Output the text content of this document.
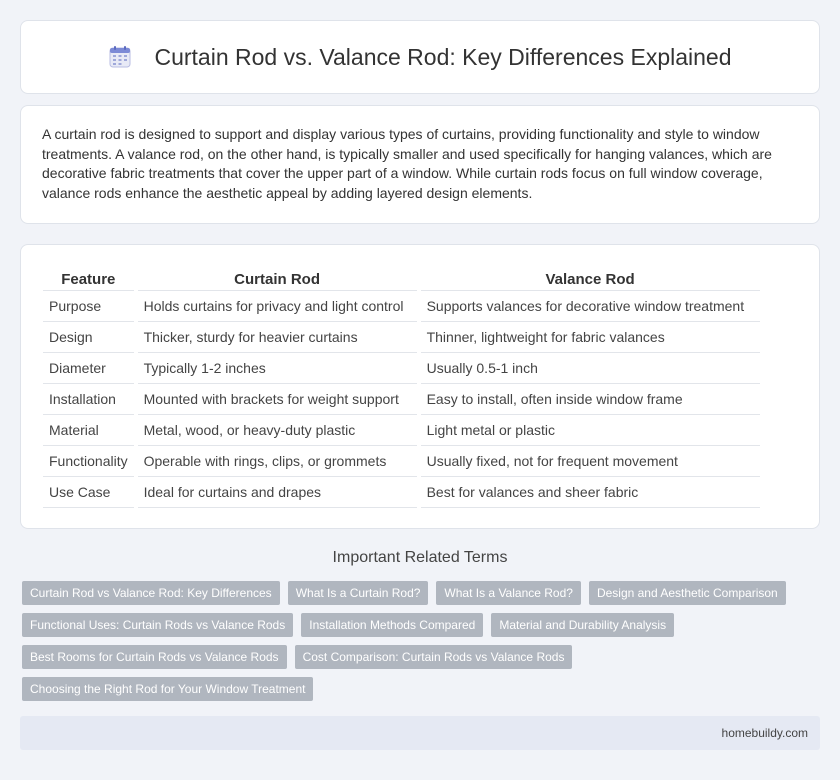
Curtain Rod vs. Valance Rod: Key Differences Explained

A curtain rod is designed to support and display various types of curtains, providing functionality and style to window treatments. A valance rod, on the other hand, is typically smaller and used specifically for hanging valances, which are decorative fabric treatments that cover the upper part of a window. While curtain rods focus on full window coverage, valance rods enhance the aesthetic appeal by adding layered design elements.

Feature	Curtain Rod	Valance Rod
Purpose	Holds curtains for privacy and light control	Supports valances for decorative window treatment
Design	Thicker, sturdy for heavier curtains	Thinner, lightweight for fabric valances
Diameter	Typically 1-2 inches	Usually 0.5-1 inch
Installation	Mounted with brackets for weight support	Easy to install, often inside window frame
Material	Metal, wood, or heavy-duty plastic	Light metal or plastic
Functionality	Operable with rings, clips, or grommets	Usually fixed, not for frequent movement
Use Case	Ideal for curtains and drapes	Best for valances and sheer fabric
Important Related Terms
Curtain Rod vs Valance Rod: Key Differences	What Is a Curtain Rod?	What Is a Valance Rod?	Design and Aesthetic Comparison
Functional Uses: Curtain Rods vs Valance Rods	Installation Methods Compared	Material and Durability Analysis
Best Rooms for Curtain Rods vs Valance Rods	Cost Comparison: Curtain Rods vs Valance Rods
Choosing the Right Rod for Your Window Treatment
homebuildy.com
